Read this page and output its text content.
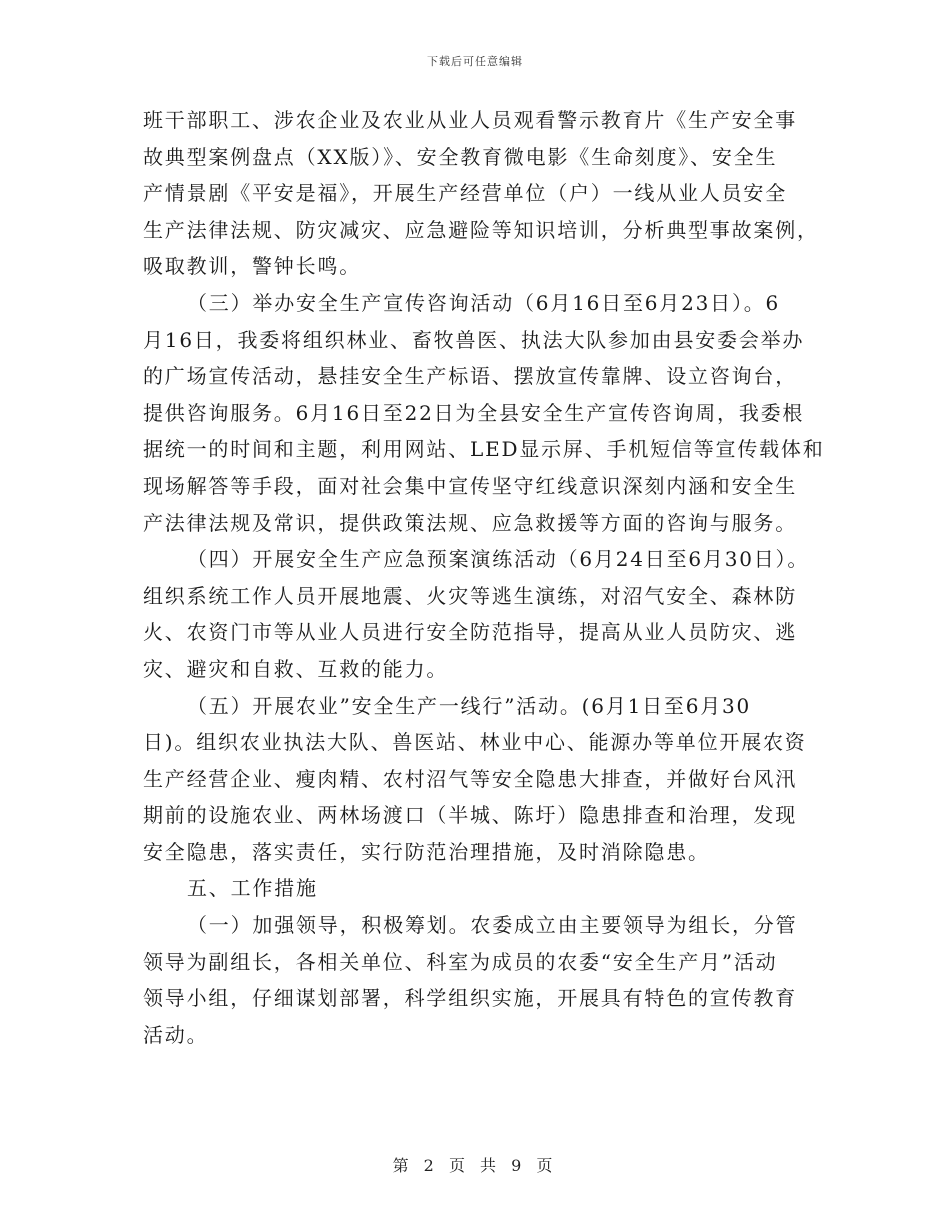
下载后可任意编辑

班干部职工、涉农企业及农业从业人员观看警示教育片《生产安全事

故典型案例盘点（XX版）》、安全教育微电影《生命刻度》、安全生

产情景剧《平安是福》，开展生产经营单位（户）一线从业人员安全

生产法律法规、防灾减灾、应急避险等知识培训，分析典型事故案例，

吸取教训，警钟长鸣。

（三）举办安全生产宣传咨询活动（6月16日至6月23日）。6

月16日，我委将组织林业、畜牧兽医、执法大队参加由县安委会举办

的广场宣传活动，悬挂安全生产标语、摆放宣传靠牌、设立咨询台，

提供咨询服务。6月16日至22日为全县安全生产宣传咨询周，我委根

据统一的时间和主题，利用网站、LED显示屏、手机短信等宣传载体和

现场解答等手段，面对社会集中宣传坚守红线意识深刻内涵和安全生

产法律法规及常识，提供政策法规、应急救援等方面的咨询与服务。

（四）开展安全生产应急预案演练活动（6月24日至6月30日）。

组织系统工作人员开展地震、火灾等逃生演练，对沼气安全、森林防

火、农资门市等从业人员进行安全防范指导，提高从业人员防灾、逃

灾、避灾和自救、互救的能力。

（五）开展农业”安全生产一线行”活动。(6月1日至6月30

日)。组织农业执法大队、兽医站、林业中心、能源办等单位开展农资

生产经营企业、瘦肉精、农村沼气等安全隐患大排查，并做好台风汛

期前的设施农业、两林场渡口（半城、陈圩）隐患排查和治理，发现

安全隐患，落实责任，实行防范治理措施，及时消除隐患。

五、工作措施

（一）加强领导，积极筹划。农委成立由主要领导为组长，分管

领导为副组长，各相关单位、科室为成员的农委“安全生产月”活动

领导小组，仔细谋划部署，科学组织实施，开展具有特色的宣传教育

活动。

第 2 页 共 9 页
